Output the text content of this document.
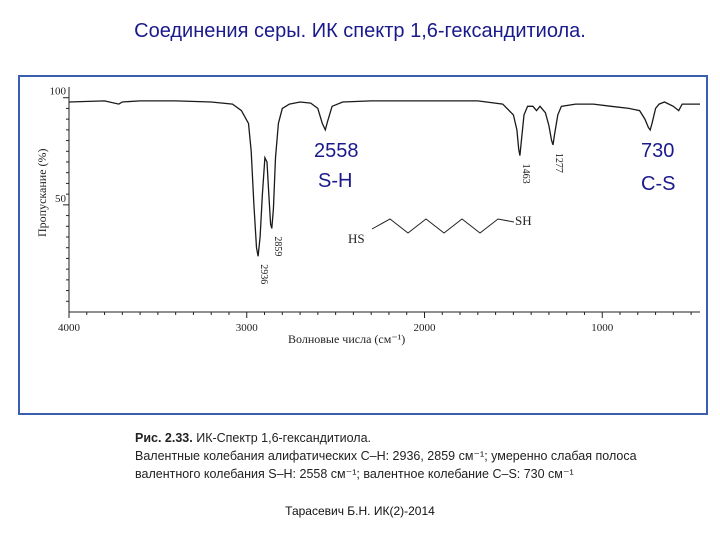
Соединения серы. ИК спектр 1,6-гександитиола.
4000	3000	2000	1000
100
50
Пропускание (%)
Волновые числа (см⁻¹)
2936
2859
1463
1277
HS
SH
2558
S-H
730
C-S
Рис. 2.33. ИК-Спектр 1,6-гександитиола.
Валентные колебания алифатических С–Н: 2936, 2859 см⁻¹; умеренно слабая полоса
валентного колебания S–H: 2558 см⁻¹; валентное колебание C–S: 730 см⁻¹
Тарасевич Б.Н. ИК(2)-2014
